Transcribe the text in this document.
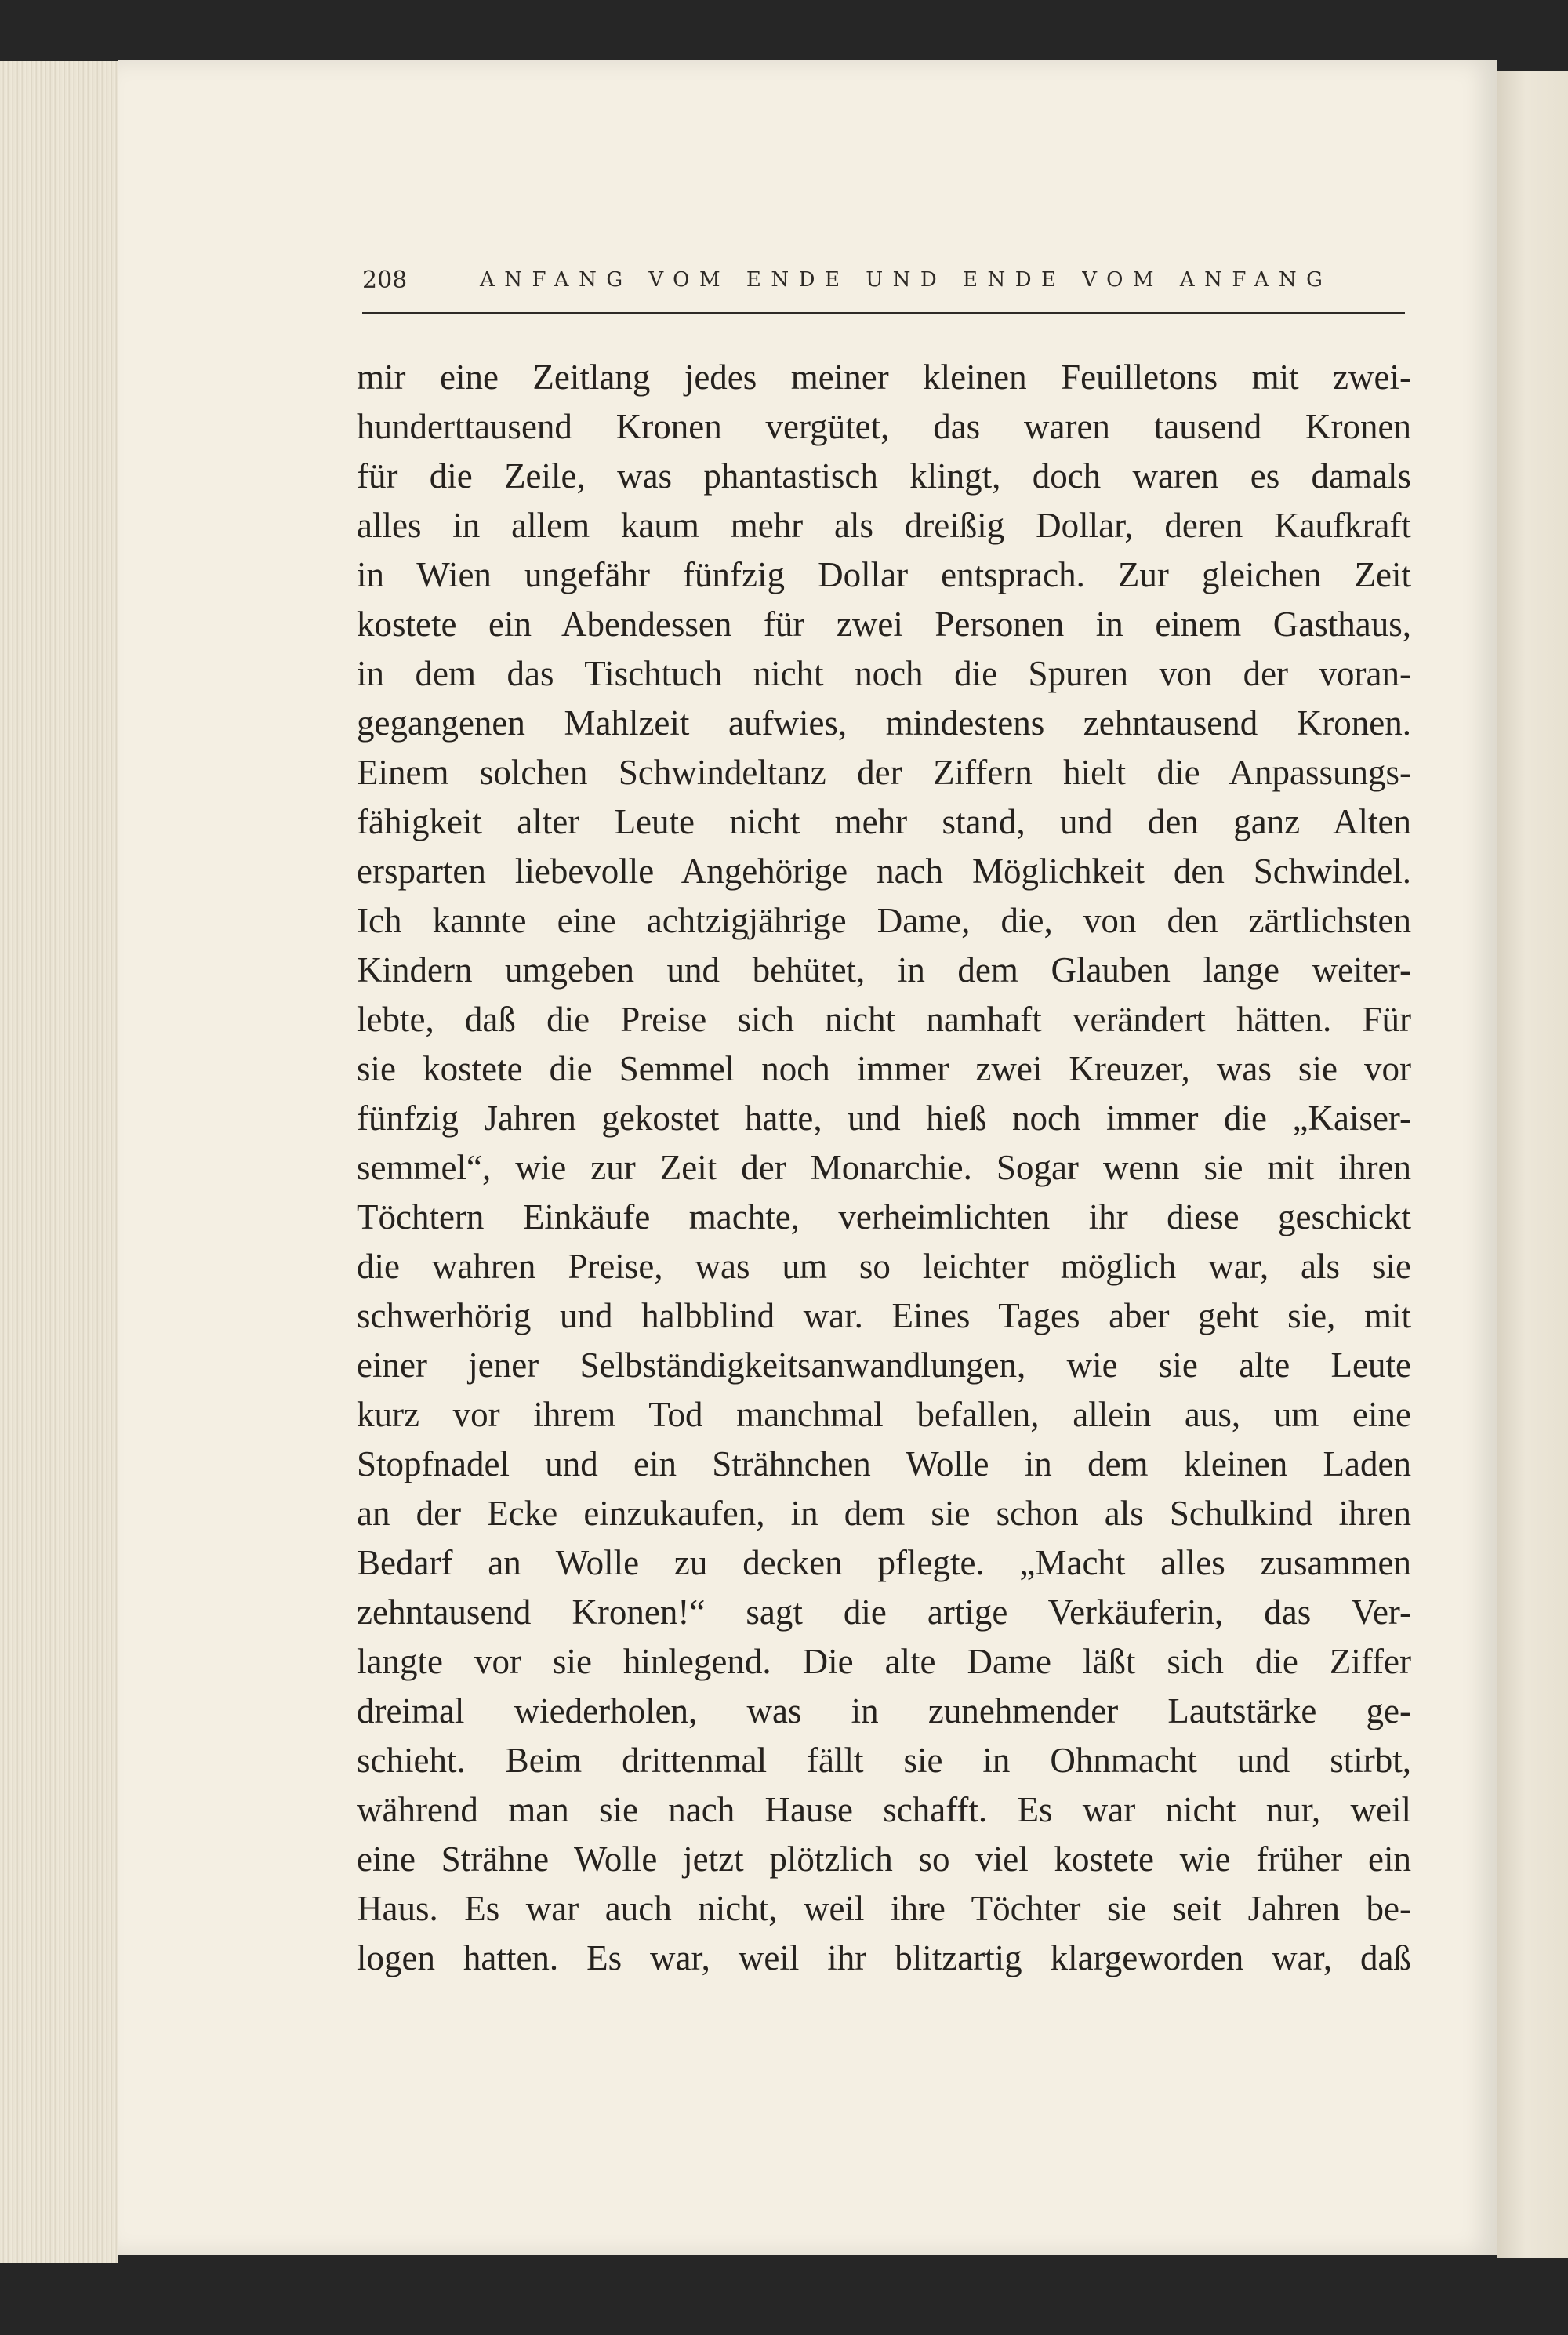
208	ANFANG VOM ENDE UND ENDE VOM ANFANG
mir eine Zeitlang jedes meiner kleinen Feuilletons mit zwei-
hunderttausend Kronen vergütet, das waren tausend Kronen
für die Zeile, was phantastisch klingt, doch waren es damals
alles in allem kaum mehr als dreißig Dollar, deren Kaufkraft
in Wien ungefähr fünfzig Dollar entsprach. Zur gleichen Zeit
kostete ein Abendessen für zwei Personen in einem Gasthaus,
in dem das Tischtuch nicht noch die Spuren von der voran-
gegangenen Mahlzeit aufwies, mindestens zehntausend Kronen.
Einem solchen Schwindeltanz der Ziffern hielt die Anpassungs-
fähigkeit alter Leute nicht mehr stand, und den ganz Alten
ersparten liebevolle Angehörige nach Möglichkeit den Schwindel.
Ich kannte eine achtzigjährige Dame, die, von den zärtlichsten
Kindern umgeben und behütet, in dem Glauben lange weiter-
lebte, daß die Preise sich nicht namhaft verändert hätten. Für
sie kostete die Semmel noch immer zwei Kreuzer, was sie vor
fünfzig Jahren gekostet hatte, und hieß noch immer die „Kaiser-
semmel“, wie zur Zeit der Monarchie. Sogar wenn sie mit ihren
Töchtern Einkäufe machte, verheimlichten ihr diese geschickt
die wahren Preise, was um so leichter möglich war, als sie
schwerhörig und halbblind war. Eines Tages aber geht sie, mit
einer jener Selbständigkeitsanwandlungen, wie sie alte Leute
kurz vor ihrem Tod manchmal befallen, allein aus, um eine
Stopfnadel und ein Strähnchen Wolle in dem kleinen Laden
an der Ecke einzukaufen, in dem sie schon als Schulkind ihren
Bedarf an Wolle zu decken pflegte. „Macht alles zusammen
zehntausend Kronen!“ sagt die artige Verkäuferin, das Ver-
langte vor sie hinlegend. Die alte Dame läßt sich die Ziffer
dreimal wiederholen, was in zunehmender Lautstärke ge-
schieht. Beim drittenmal fällt sie in Ohnmacht und stirbt,
während man sie nach Hause schafft. Es war nicht nur, weil
eine Strähne Wolle jetzt plötzlich so viel kostete wie früher ein
Haus. Es war auch nicht, weil ihre Töchter sie seit Jahren be-
logen hatten. Es war, weil ihr blitzartig klargeworden war, daß
